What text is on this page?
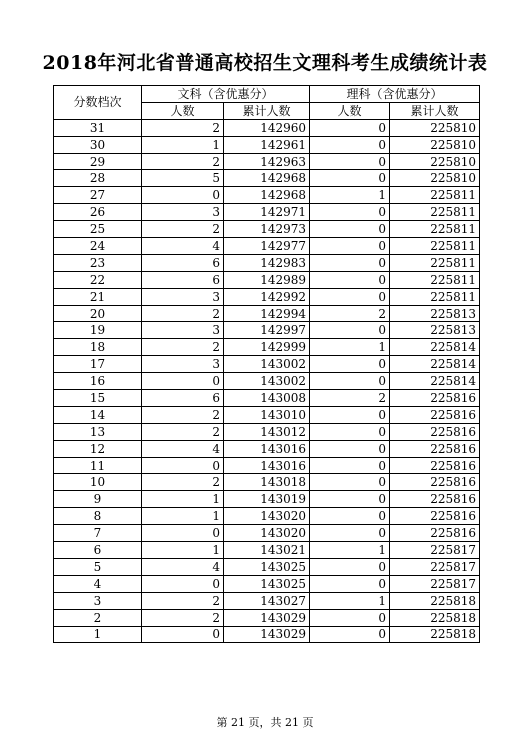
2018年河北省普通高校招生文理科考生成绩统计表
分数档次	文科（含优惠分）		理科（含优惠分）	
	人数	累计人数	人数	累计人数
31	2	142960	0	225810
30	1	142961	0	225810
29	2	142963	0	225810
28	5	142968	0	225810
27	0	142968	1	225811
26	3	142971	0	225811
25	2	142973	0	225811
24	4	142977	0	225811
23	6	142983	0	225811
22	6	142989	0	225811
21	3	142992	0	225811
20	2	142994	2	225813
19	3	142997	0	225813
18	2	142999	1	225814
17	3	143002	0	225814
16	0	143002	0	225814
15	6	143008	2	225816
14	2	143010	0	225816
13	2	143012	0	225816
12	4	143016	0	225816
11	0	143016	0	225816
10	2	143018	0	225816
9	1	143019	0	225816
8	1	143020	0	225816
7	0	143020	0	225816
6	1	143021	1	225817
5	4	143025	0	225817
4	0	143025	0	225817
3	2	143027	1	225818
2	2	143029	0	225818
1	0	143029	0	225818
第 21 页，共 21 页
